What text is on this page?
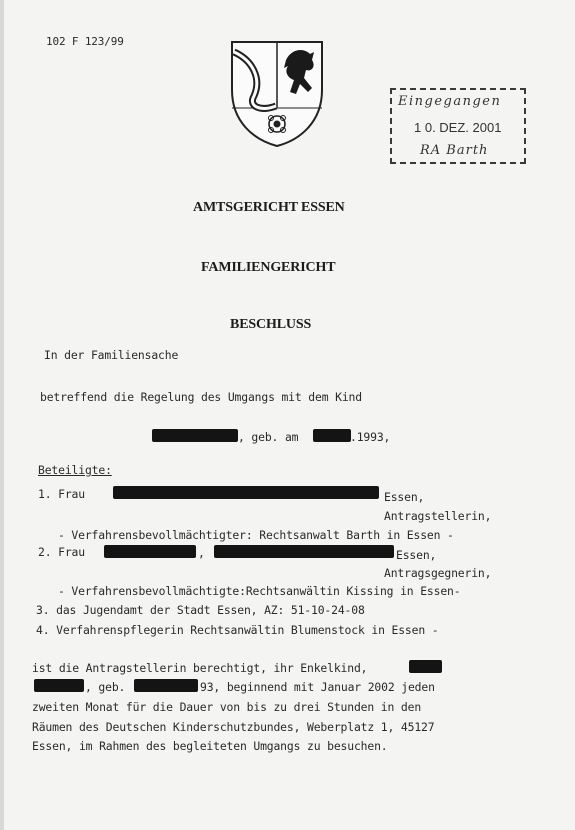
102 F 123/99
Eingegangen
1 0. DEZ. 2001
RA Barth
AMTSGERICHT ESSEN
FAMILIENGERICHT
BESCHLUSS
In der Familiensache
betreffend die Regelung des Umgangs mit dem Kind
, geb. am	.1993,
Beteiligte:
1. Frau	Essen,
Antragstellerin,
- Verfahrensbevollmächtigter: Rechtsanwalt Barth in Essen -
2. Frau	,	Essen,
Antragsgegnerin,
- Verfahrensbevollmächtigte:Rechtsanwältin Kissing in Essen-
3. das Jugendamt der Stadt Essen, AZ: 51-10-24-08
4. Verfahrenspflegerin Rechtsanwältin Blumenstock in Essen -
ist die Antragstellerin berechtigt, ihr Enkelkind,
, geb.	93, beginnend mit Januar 2002 jeden
zweiten Monat für die Dauer von bis zu drei Stunden in den
Räumen des Deutschen Kinderschutzbundes, Weberplatz 1, 45127
Essen, im Rahmen des begleiteten Umgangs zu besuchen.
